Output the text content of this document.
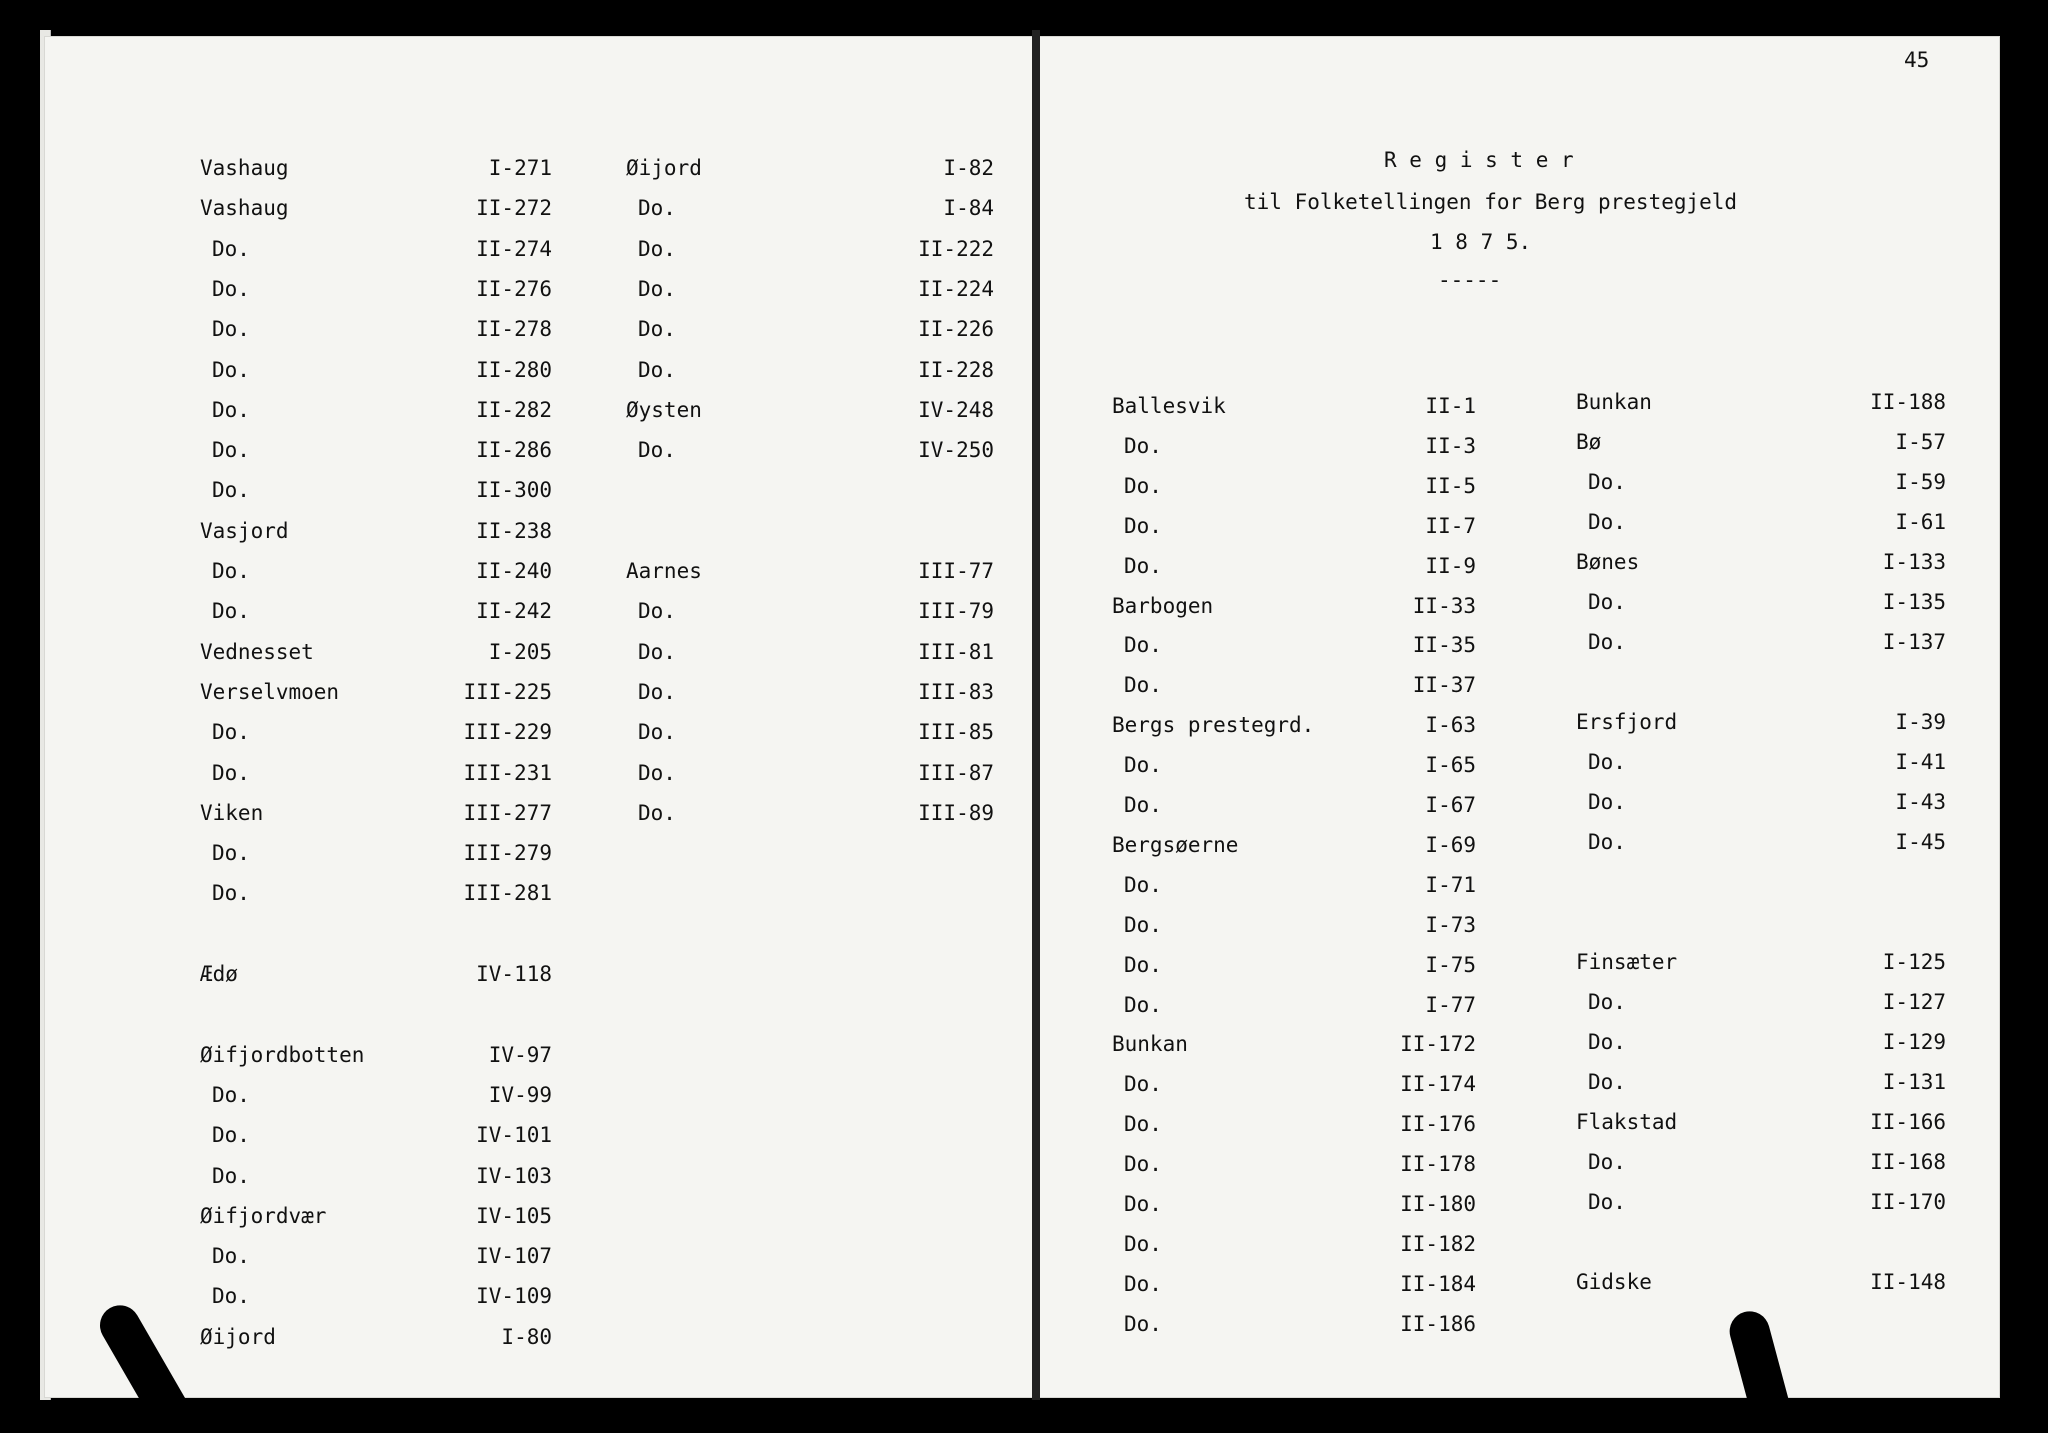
45
R e g i s t e r
til Folketellingen for Berg prestegjeld
1 8 7 5.
-----
Vashaug	I-271
Vashaug	II-272
Do.	II-274
Do.	II-276
Do.	II-278
Do.	II-280
Do.	II-282
Do.	II-286
Do.	II-300
Vasjord	II-238
Do.	II-240
Do.	II-242
Vednesset	I-205
Verselvmoen	III-225
Do.	III-229
Do.	III-231
Viken	III-277
Do.	III-279
Do.	III-281
Ædø	IV-118
Øifjordbotten	IV-97
Do.	IV-99
Do.	IV-101
Do.	IV-103
Øifjordvær	IV-105
Do.	IV-107
Do.	IV-109
Øijord	I-80
Øijord	I-82
Do.	I-84
Do.	II-222
Do.	II-224
Do.	II-226
Do.	II-228
Øysten	IV-248
Do.	IV-250
Aarnes	III-77
Do.	III-79
Do.	III-81
Do.	III-83
Do.	III-85
Do.	III-87
Do.	III-89
Ballesvik	II-1
Do.	II-3
Do.	II-5
Do.	II-7
Do.	II-9
Barbogen	II-33
Do.	II-35
Do.	II-37
Bergs prestegrd.	I-63
Do.	I-65
Do.	I-67
Bergsøerne	I-69
Do.	I-71
Do.	I-73
Do.	I-75
Do.	I-77
Bunkan	II-172
Do.	II-174
Do.	II-176
Do.	II-178
Do.	II-180
Do.	II-182
Do.	II-184
Do.	II-186
Bunkan	II-188
Bø	I-57
Do.	I-59
Do.	I-61
Bønes	I-133
Do.	I-135
Do.	I-137
Ersfjord	I-39
Do.	I-41
Do.	I-43
Do.	I-45
Finsæter	I-125
Do.	I-127
Do.	I-129
Do.	I-131
Flakstad	II-166
Do.	II-168
Do.	II-170
Gidske	II-148
